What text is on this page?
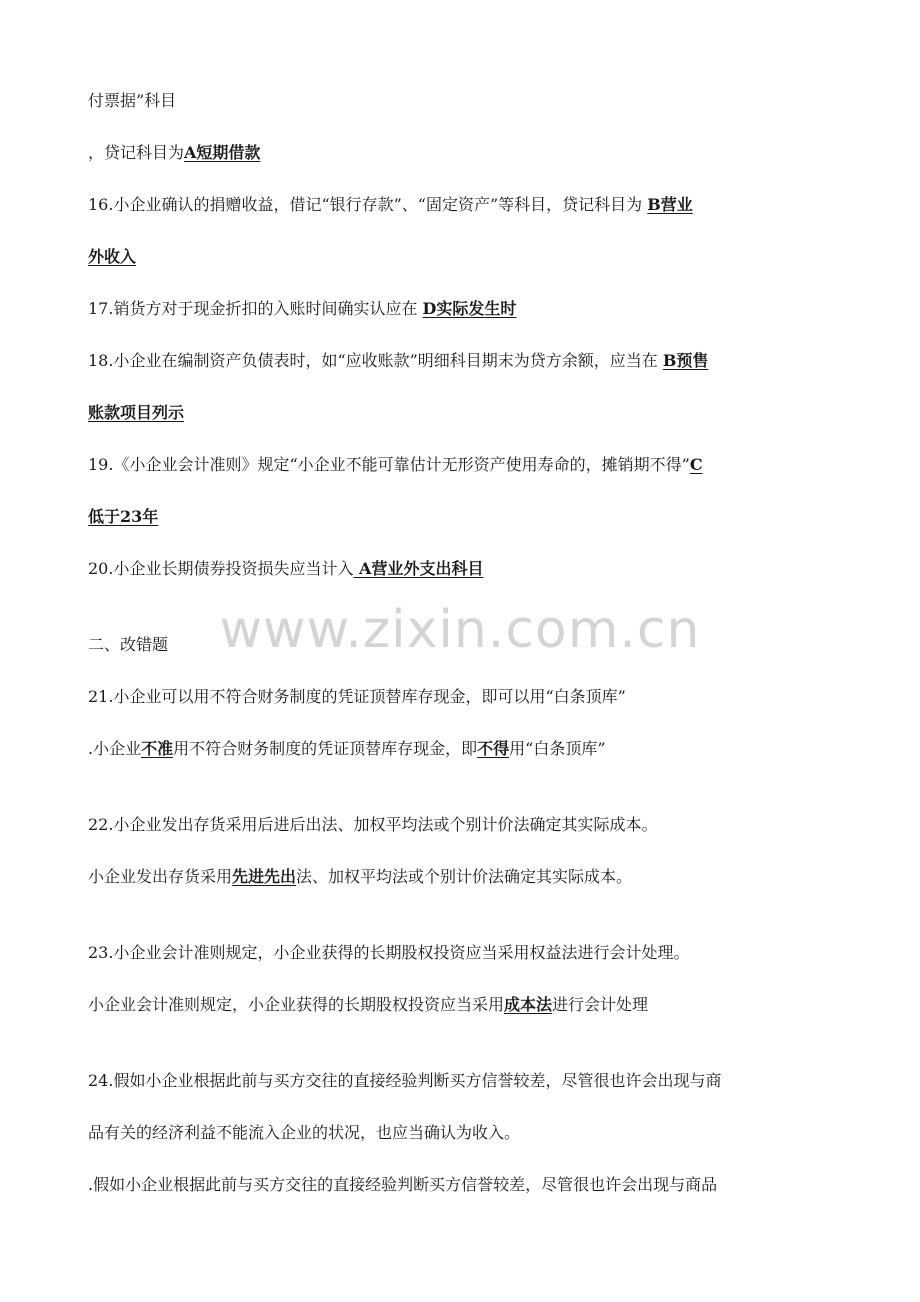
www.zixin.com.cn
付票据”科目
，贷记科目为A短期借款
16.小企业确认的捐赠收益，借记“银行存款”、“固定资产”等科目，贷记科目为 B营业
外收入
17.销货方对于现金折扣的入账时间确实认应在 D实际发生时
18.小企业在编制资产负债表时，如“应收账款”明细科目期末为贷方余额，应当在 B预售
账款项目列示
19.《小企业会计准则》规定“小企业不能可靠估计无形资产使用寿命的，摊销期不得”C
低于23年
20.小企业长期债券投资损失应当计入 A营业外支出科目
二、改错题
21.小企业可以用不符合财务制度的凭证顶替库存现金，即可以用“白条顶库”
.小企业不准用不符合财务制度的凭证顶替库存现金，即不得用“白条顶库”
22.小企业发出存货采用后进后出法、加权平均法或个别计价法确定其实际成本。
小企业发出存货采用先进先出法、加权平均法或个别计价法确定其实际成本。
23.小企业会计准则规定，小企业获得的长期股权投资应当采用权益法进行会计处理。
小企业会计准则规定，小企业获得的长期股权投资应当采用成本法进行会计处理
24.假如小企业根据此前与买方交往的直接经验判断买方信誉较差，尽管很也许会出现与商
品有关的经济利益不能流入企业的状况，也应当确认为收入。
.假如小企业根据此前与买方交往的直接经验判断买方信誉较差，尽管很也许会出现与商品
